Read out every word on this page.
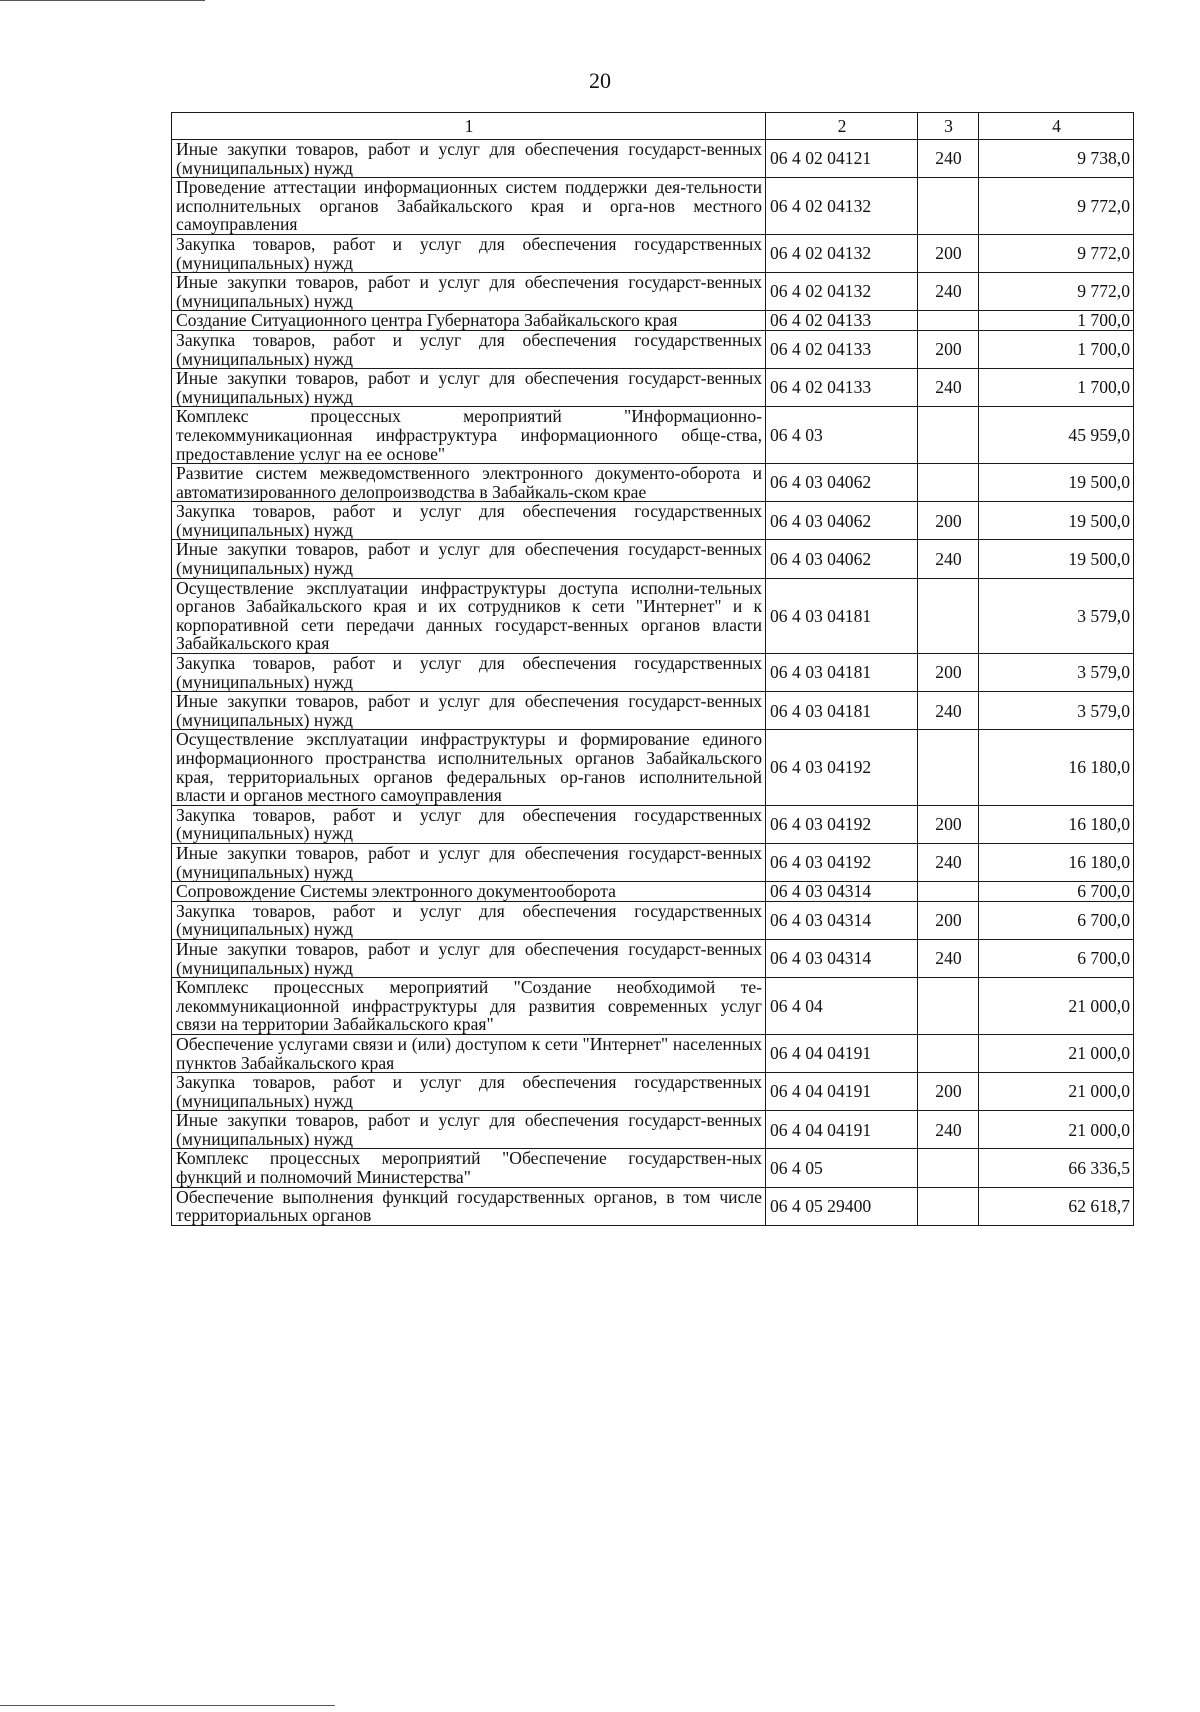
20
1	2	3	4
Иные закупки товаров, работ и услуг для обеспечения государст-венных (муниципальных) нужд	06 4 02 04121	240	9 738,0
Проведение аттестации информационных систем поддержки дея-тельности исполнительных органов Забайкальского края и орга-нов местного самоуправления	06 4 02 04132		9 772,0
Закупка товаров, работ и услуг для обеспечения государственных (муниципальных) нужд	06 4 02 04132	200	9 772,0
Иные закупки товаров, работ и услуг для обеспечения государст-венных (муниципальных) нужд	06 4 02 04132	240	9 772,0
Создание Ситуационного центра Губернатора Забайкальского края	06 4 02 04133		1 700,0
Закупка товаров, работ и услуг для обеспечения государственных (муниципальных) нужд	06 4 02 04133	200	1 700,0
Иные закупки товаров, работ и услуг для обеспечения государст-венных (муниципальных) нужд	06 4 02 04133	240	1 700,0
Комплекс процессных мероприятий "Информационно-телекоммуникационная инфраструктура информационного обще-ства, предоставление услуг на ее основе"	06 4 03		45 959,0
Развитие систем межведомственного электронного документо-оборота и автоматизированного делопроизводства в Забайкаль-ском крае	06 4 03 04062		19 500,0
Закупка товаров, работ и услуг для обеспечения государственных (муниципальных) нужд	06 4 03 04062	200	19 500,0
Иные закупки товаров, работ и услуг для обеспечения государст-венных (муниципальных) нужд	06 4 03 04062	240	19 500,0
Осуществление эксплуатации инфраструктуры доступа исполни-тельных органов Забайкальского края и их сотрудников к сети "Интернет" и к корпоративной сети передачи данных государст-венных органов власти Забайкальского края	06 4 03 04181		3 579,0
Закупка товаров, работ и услуг для обеспечения государственных (муниципальных) нужд	06 4 03 04181	200	3 579,0
Иные закупки товаров, работ и услуг для обеспечения государст-венных (муниципальных) нужд	06 4 03 04181	240	3 579,0
Осуществление эксплуатации инфраструктуры и формирование единого информационного пространства исполнительных органов Забайкальского края, территориальных органов федеральных ор-ганов исполнительной власти и органов местного самоуправления	06 4 03 04192		16 180,0
Закупка товаров, работ и услуг для обеспечения государственных (муниципальных) нужд	06 4 03 04192	200	16 180,0
Иные закупки товаров, работ и услуг для обеспечения государст-венных (муниципальных) нужд	06 4 03 04192	240	16 180,0
Сопровождение Системы электронного документооборота	06 4 03 04314		6 700,0
Закупка товаров, работ и услуг для обеспечения государственных (муниципальных) нужд	06 4 03 04314	200	6 700,0
Иные закупки товаров, работ и услуг для обеспечения государст-венных (муниципальных) нужд	06 4 03 04314	240	6 700,0
Комплекс процессных мероприятий "Создание необходимой те-лекоммуникационной инфраструктуры для развития современных услуг связи на территории Забайкальского края"	06 4 04		21 000,0
Обеспечение услугами связи и (или) доступом к сети "Интернет" населенных пунктов Забайкальского края	06 4 04 04191		21 000,0
Закупка товаров, работ и услуг для обеспечения государственных (муниципальных) нужд	06 4 04 04191	200	21 000,0
Иные закупки товаров, работ и услуг для обеспечения государст-венных (муниципальных) нужд	06 4 04 04191	240	21 000,0
Комплекс процессных мероприятий "Обеспечение государствен-ных функций и полномочий Министерства"	06 4 05		66 336,5
Обеспечение выполнения функций государственных органов, в том числе территориальных органов	06 4 05 29400		62 618,7
